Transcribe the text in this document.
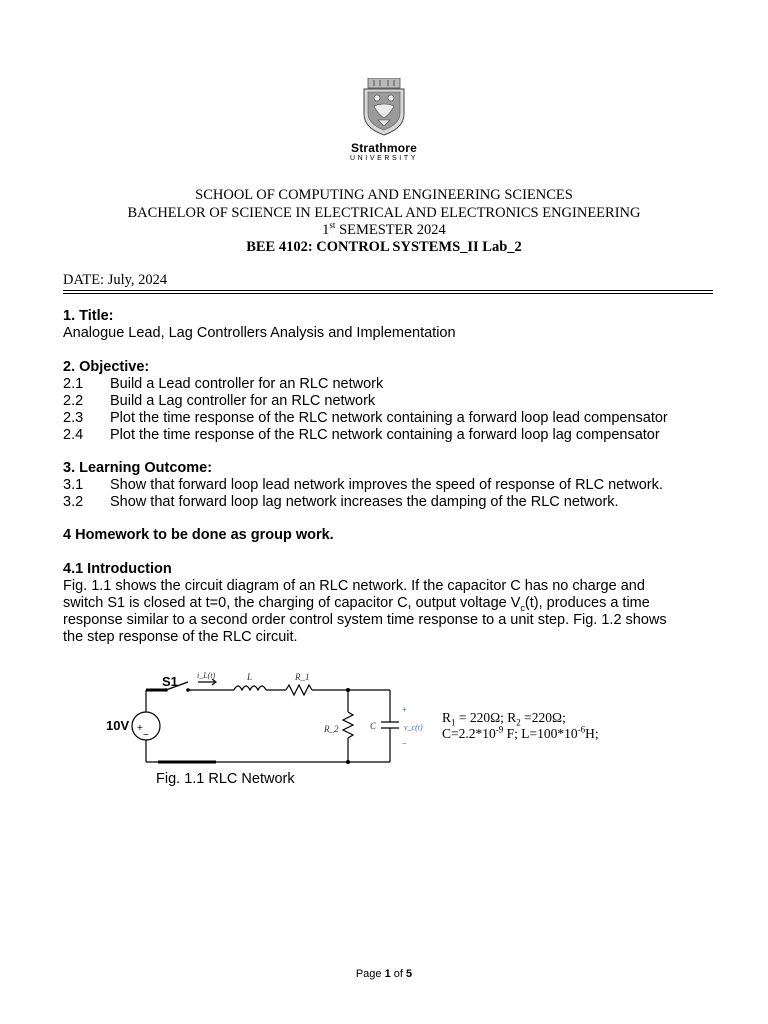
Strathmore
UNIVERSITY
SCHOOL OF COMPUTING AND ENGINEERING SCIENCES
BACHELOR OF SCIENCE IN ELECTRICAL AND ELECTRONICS ENGINEERING
1st SEMESTER 2024
BEE 4102: CONTROL SYSTEMS_II Lab_2
DATE: July, 2024
1. Title:
Analogue Lead, Lag Controllers Analysis and Implementation
2. Objective:
2.1 Build a Lead controller for an RLC network
2.2 Build a Lag controller for an RLC network
2.3 Plot the time response of the RLC network containing a forward loop lead compensator
2.4 Plot the time response of the RLC network containing a forward loop lag compensator
3. Learning Outcome:
3.1 Show that forward loop lead network improves the speed of response of RLC network.
3.2 Show that forward loop lag network increases the damping of the RLC network.
4 Homework to be done as group work.
4.1 Introduction
Fig. 1.1 shows the circuit diagram of an RLC network. If the capacitor C has no charge and
switch S1 is closed at t=0, the charging of capacitor C, output voltage $V_c(t)$, produces a time
response similar to a second order control system time response to a unit step. Fig. 1.2 shows
the step response of the RLC circuit.
+
−
10V
S1 i_L(t)	L	R_1
R_2	C
+
v_c(t)
−
$R_1 = 220\Omega$; $R_2 =220\Omega$;
$C=2.2*10^{-9}$ F; $L=100*10^{-6}H$;
Fig. 1.1 RLC Network
Page 1 of 5
